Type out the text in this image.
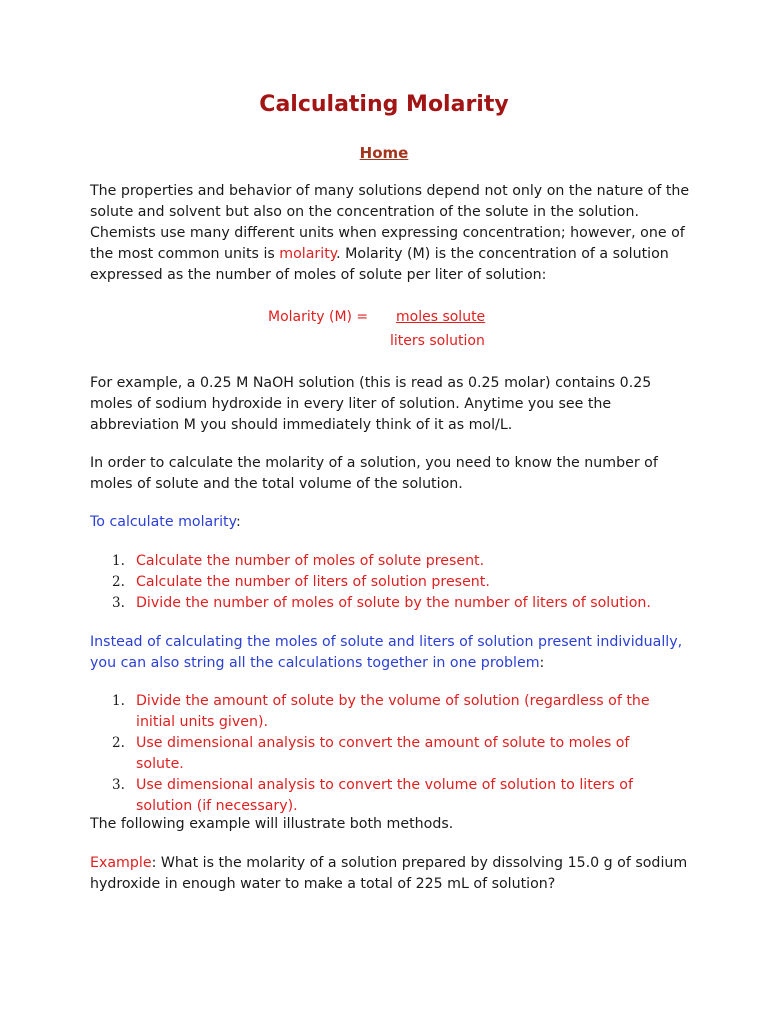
Calculating Molarity
Home

The properties and behavior of many solutions depend not only on the nature of the solute and solvent but also on the concentration of the solute in the solution. Chemists use many different units when expressing concentration; however, one of the most common units is molarity. Molarity (M) is the concentration of a solution expressed as the number of moles of solute per liter of solution:

Molarity (M) = moles solute
liters solution

For example, a 0.25 M NaOH solution (this is read as 0.25 molar) contains 0.25 moles of sodium hydroxide in every liter of solution. Anytime you see the abbreviation M you should immediately think of it as mol/L.

In order to calculate the molarity of a solution, you need to know the number of moles of solute and the total volume of the solution.

To calculate molarity:

1. Calculate the number of moles of solute present.
2. Calculate the number of liters of solution present.
3. Divide the number of moles of solute by the number of liters of solution.

Instead of calculating the moles of solute and liters of solution present individually, you can also string all the calculations together in one problem:

1. Divide the amount of solute by the volume of solution (regardless of the initial units given).
2. Use dimensional analysis to convert the amount of solute to moles of solute.
3. Use dimensional analysis to convert the volume of solution to liters of solution (if necessary).

The following example will illustrate both methods.

Example: What is the molarity of a solution prepared by dissolving 15.0 g of sodium hydroxide in enough water to make a total of 225 mL of solution?
